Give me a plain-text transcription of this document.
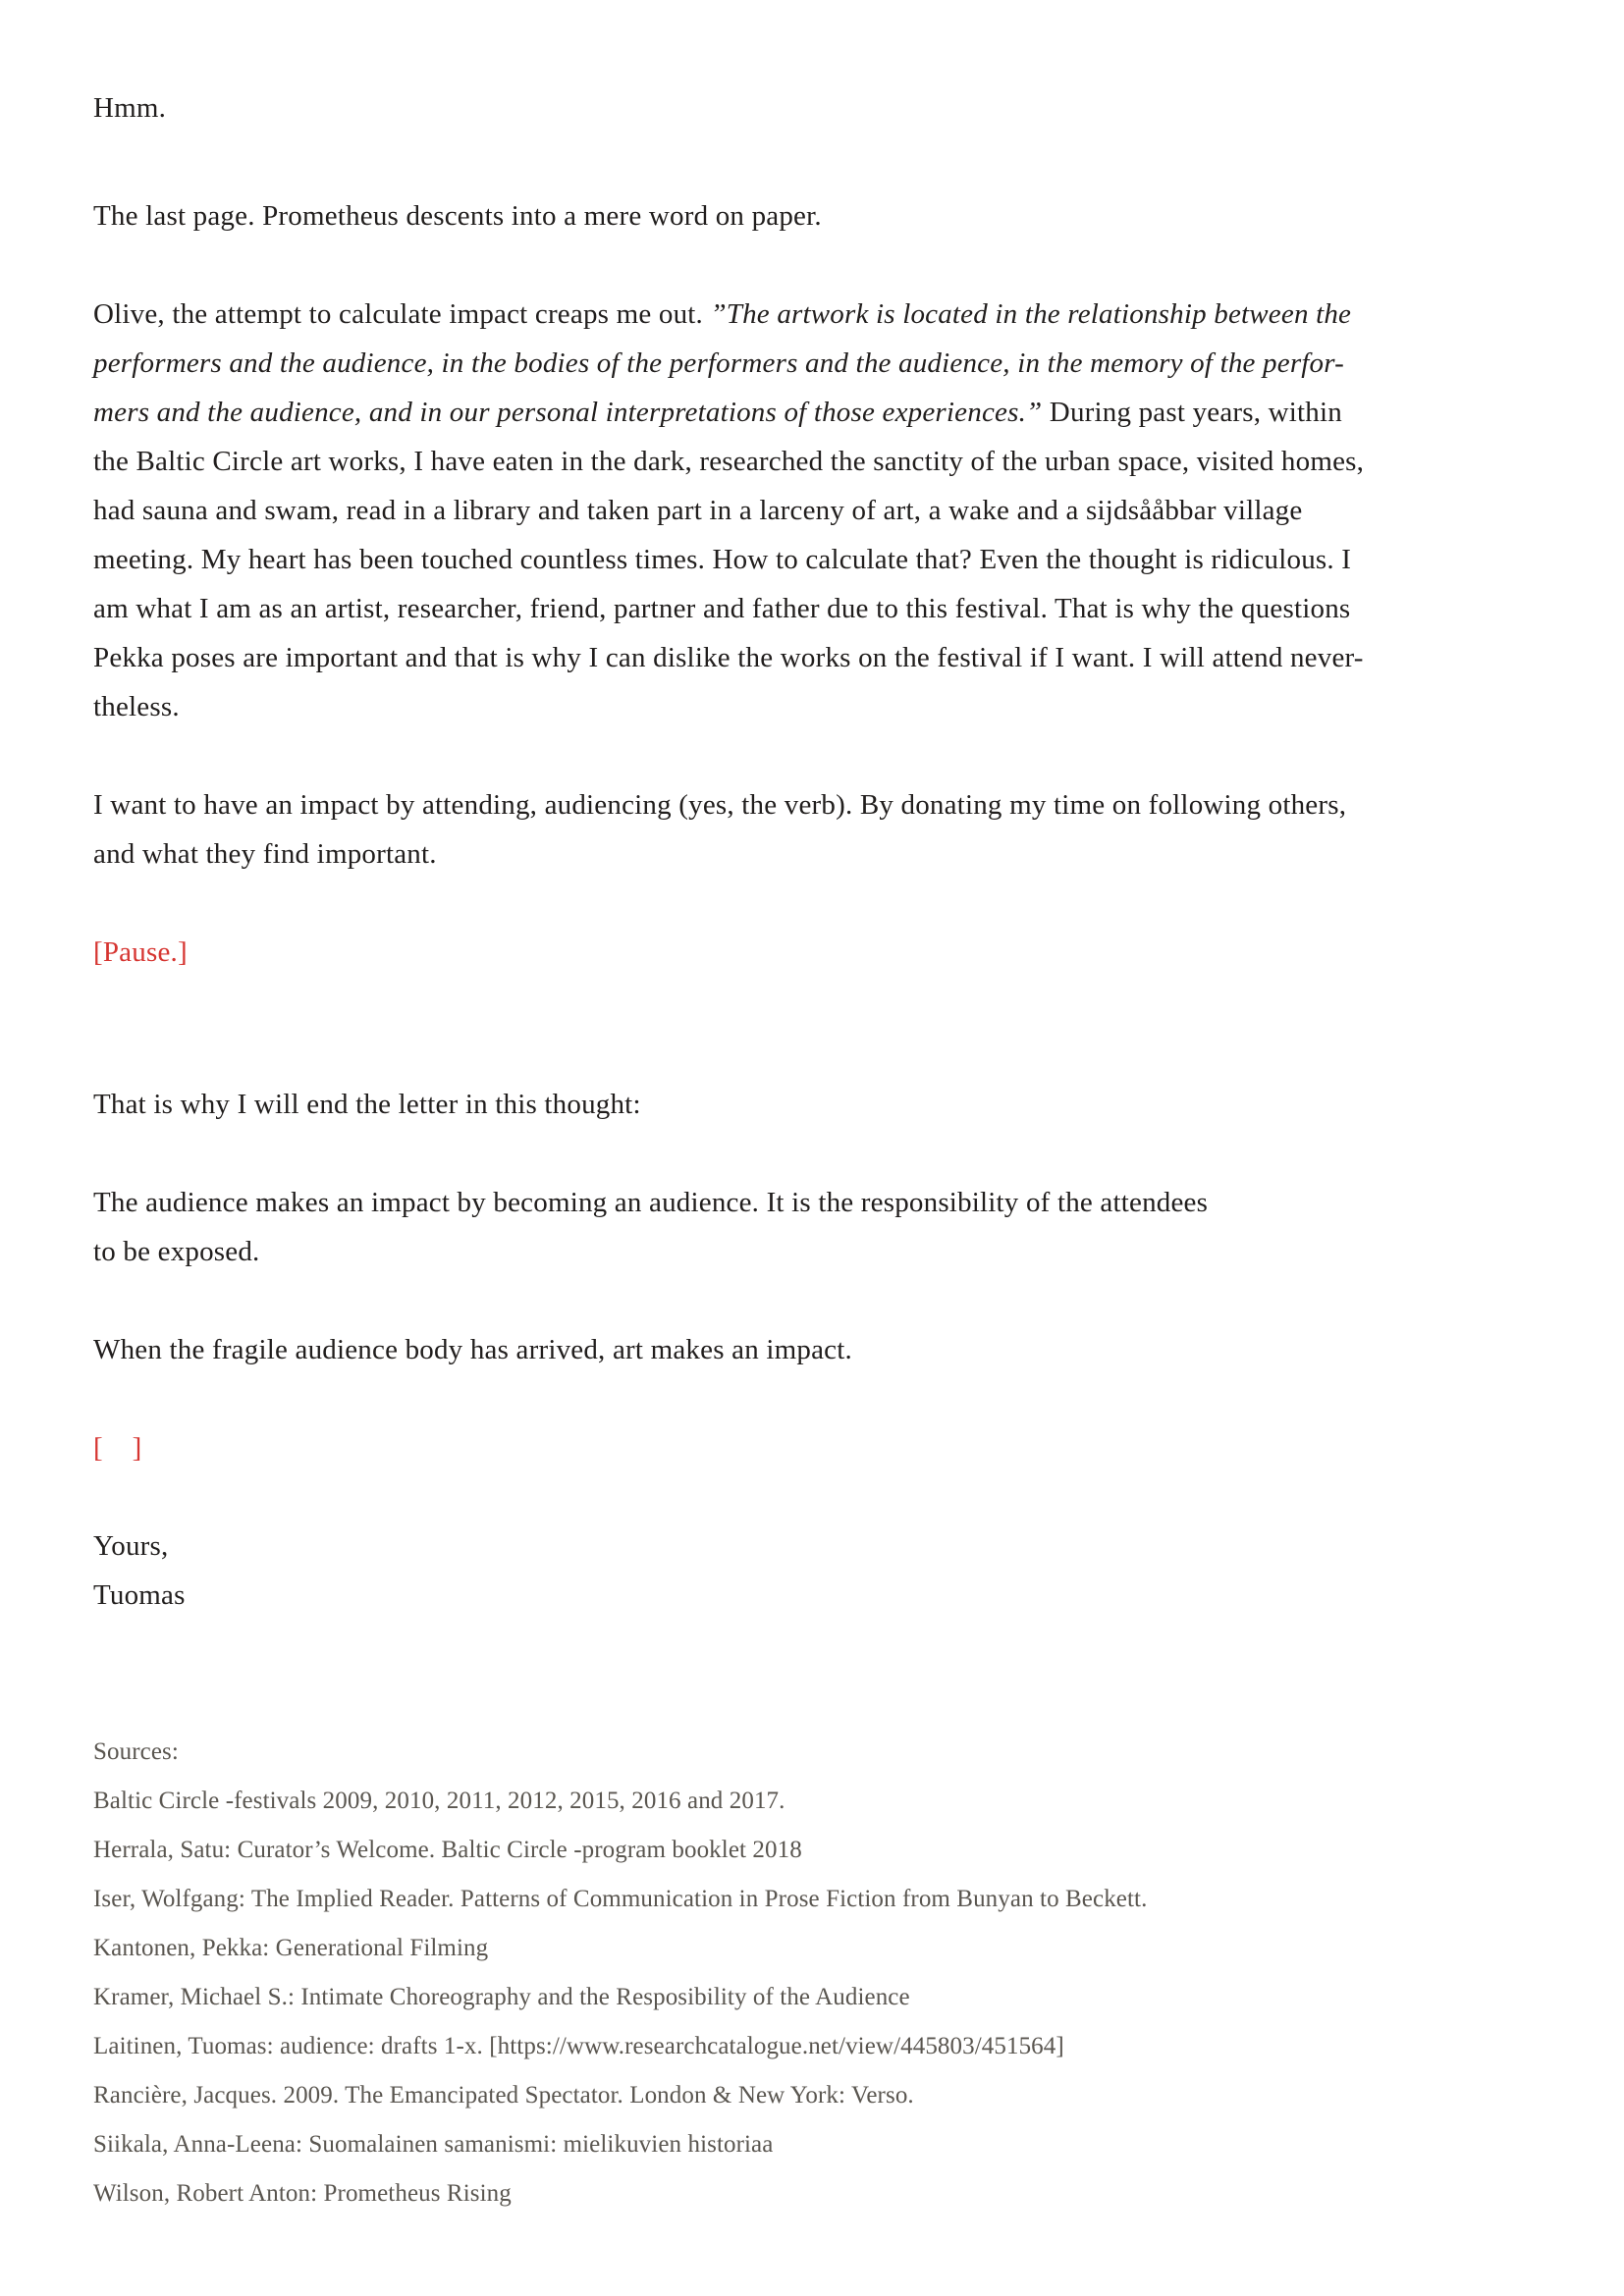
Hmm.
The last page. Prometheus descents into a mere word on paper.
Olive, the attempt to calculate impact creaps me out. ”The artwork is located in the relationship between the
performers and the audience, in the bodies of the performers and the audience, in the memory of the perfor-
mers and the audience, and in our personal interpretations of those experiences.” During past years, within
the Baltic Circle art works, I have eaten in the dark, researched the sanctity of the urban space, visited homes,
had sauna and swam, read in a library and taken part in a larceny of art, a wake and a sijdsååbbar village
meeting. My heart has been touched countless times. How to calculate that? Even the thought is ridiculous. I
am what I am as an artist, researcher, friend, partner and father due to this festival. That is why the questions
Pekka poses are important and that is why I can dislike the works on the festival if I want. I will attend never-
theless.
I want to have an impact by attending, audiencing (yes, the verb). By donating my time on following others,
and what they find important.
[Pause.]
That is why I will end the letter in this thought:
The audience makes an impact by becoming an audience. It is the responsibility of the attendees
to be exposed.
When the fragile audience body has arrived, art makes an impact.
[    ]
Yours,
Tuomas
Sources:
Baltic Circle -festivals 2009, 2010, 2011, 2012, 2015, 2016 and 2017.
Herrala, Satu: Curator’s Welcome. Baltic Circle -program booklet 2018
Iser, Wolfgang: The Implied Reader. Patterns of Communication in Prose Fiction from Bunyan to Beckett.
Kantonen, Pekka: Generational Filming
Kramer, Michael S.: Intimate Choreography and the Resposibility of the Audience
Laitinen, Tuomas: audience: drafts 1-x. [https://www.researchcatalogue.net/view/445803/451564]
Rancière, Jacques. 2009. The Emancipated Spectator. London & New York: Verso.
Siikala, Anna-Leena: Suomalainen samanismi: mielikuvien historiaa
Wilson, Robert Anton: Prometheus Rising
